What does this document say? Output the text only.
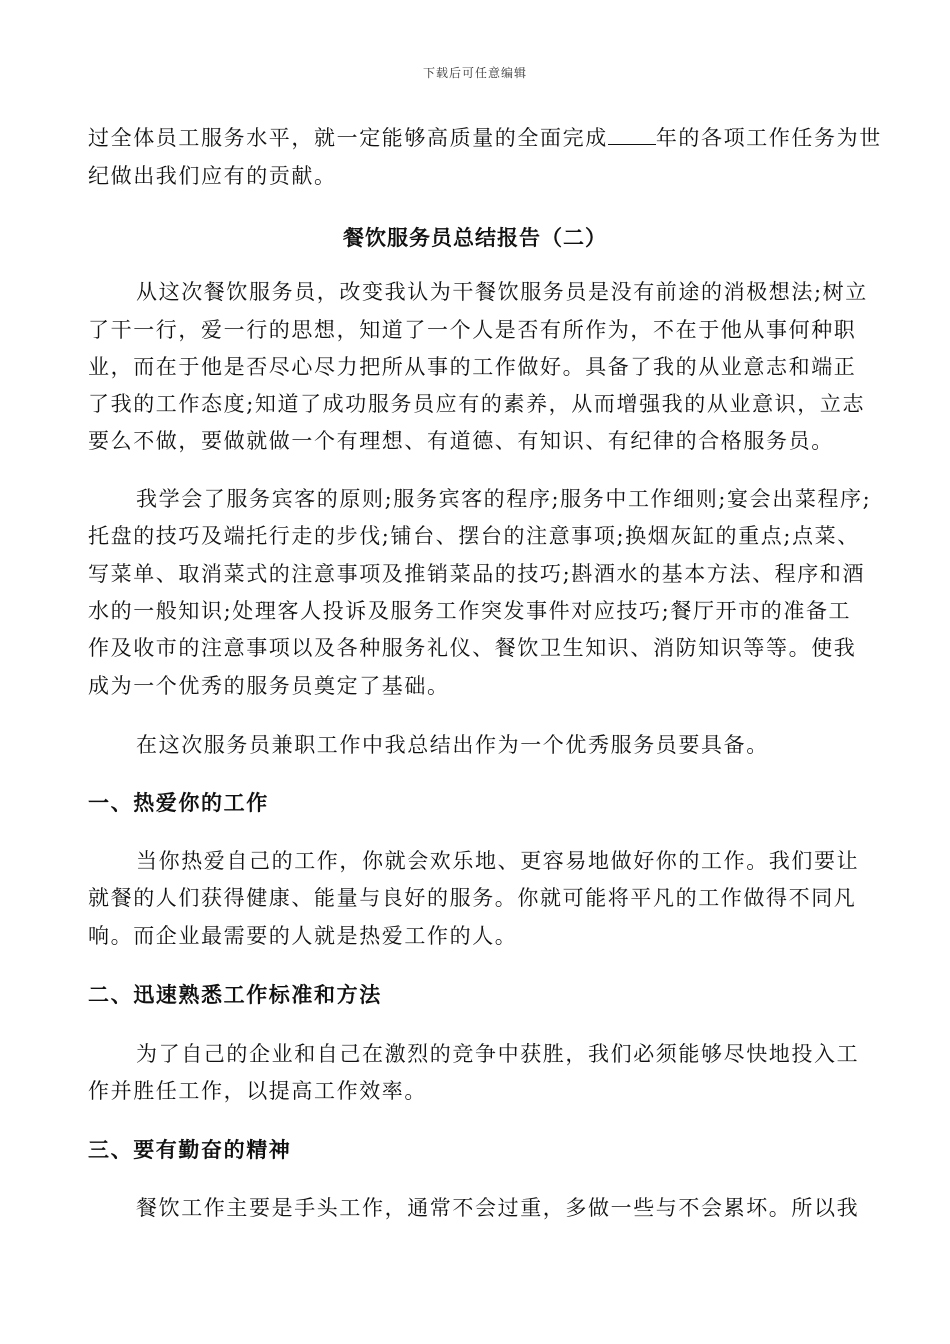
下载后可任意编辑
过全体员工服务水平，就一定能够高质量的全面完成 年的各项工作任务为世
纪做出我们应有的贡献。
餐饮服务员总结报告（二）
从这次餐饮服务员，改变我认为干餐饮服务员是没有前途的消极想法;树立
了干一行，爱一行的思想，知道了一个人是否有所作为，不在于他从事何种职
业，而在于他是否尽心尽力把所从事的工作做好。具备了我的从业意志和端正
了我的工作态度;知道了成功服务员应有的素养，从而增强我的从业意识，立志
要么不做，要做就做一个有理想、有道德、有知识、有纪律的合格服务员。
我学会了服务宾客的原则;服务宾客的程序;服务中工作细则;宴会出菜程序;
托盘的技巧及端托行走的步伐;铺台、摆台的注意事项;换烟灰缸的重点;点菜、
写菜单、取消菜式的注意事项及推销菜品的技巧;斟酒水的基本方法、程序和酒
水的一般知识;处理客人投诉及服务工作突发事件对应技巧;餐厅开市的准备工
作及收市的注意事项以及各种服务礼仪、餐饮卫生知识、消防知识等等。使我
成为一个优秀的服务员奠定了基础。
在这次服务员兼职工作中我总结出作为一个优秀服务员要具备。
一、热爱你的工作
当你热爱自己的工作，你就会欢乐地、更容易地做好你的工作。我们要让
就餐的人们获得健康、能量与良好的服务。你就可能将平凡的工作做得不同凡
响。而企业最需要的人就是热爱工作的人。
二、迅速熟悉工作标准和方法
为了自己的企业和自己在激烈的竞争中获胜，我们必须能够尽快地投入工
作并胜任工作，以提高工作效率。
三、要有勤奋的精神
餐饮工作主要是手头工作，通常不会过重，多做一些与不会累坏。所以我
